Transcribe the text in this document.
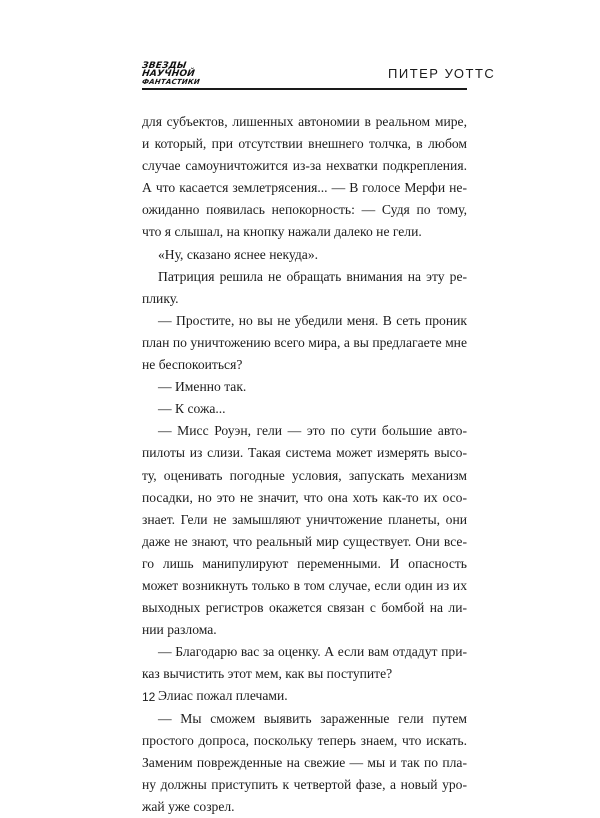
ЗВЕЗДЫ
НАУЧНОЙ
ФАНТАСТИКИ
ПИТЕР УОТТС
для субъектов, лишенных автономии в реальном мире,
и который, при отсутствии внешнего толчка, в любом
случае самоуничтожится из-за нехватки подкрепления.
А что касается землетрясения... — В голосе Мерфи не-
ожиданно появилась непокорность: — Судя по тому,
что я слышал, на кнопку нажали далеко не гели.
«Ну, сказано яснее некуда».
Патриция решила не обращать внимания на эту ре-
плику.
— Простите, но вы не убедили меня. В сеть проник
план по уничтожению всего мира, а вы предлагаете мне
не беспокоиться?
— Именно так.
— К сожа...
— Мисс Роуэн, гели — это по сути большие авто-
пилоты из слизи. Такая система может измерять высо-
ту, оценивать погодные условия, запускать механизм
посадки, но это не значит, что она хоть как-то их осо-
знает. Гели не замышляют уничтожение планеты, они
даже не знают, что реальный мир существует. Они все-
го лишь манипулируют переменными. И опасность
может возникнуть только в том случае, если один из их
выходных регистров окажется связан с бомбой на ли-
нии разлома.
— Благодарю вас за оценку. А если вам отдадут при-
каз вычистить этот мем, как вы поступите?
Элиас пожал плечами.
— Мы сможем выявить зараженные гели путем
простого допроса, поскольку теперь знаем, что искать.
Заменим поврежденные на свежие — мы и так по пла-
ну должны приступить к четвертой фазе, а новый уро-
жай уже созрел.
12
